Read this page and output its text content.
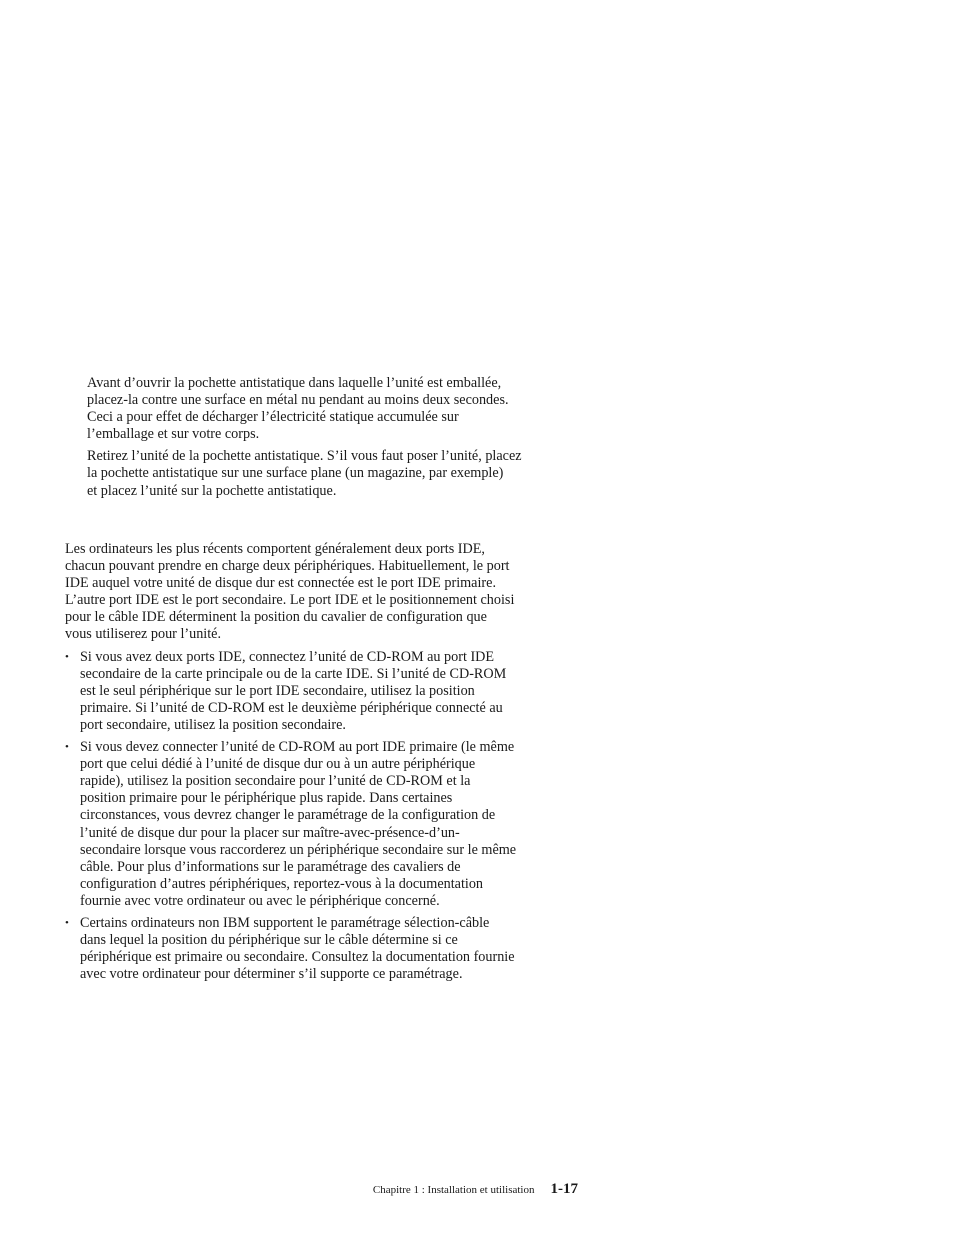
Avant d’ouvrir la pochette antistatique dans laquelle l’unité est emballée,
placez-la contre une surface en métal nu pendant au moins deux secondes.
Ceci a pour effet de décharger l’électricité statique accumulée sur
l’emballage et sur votre corps.

Retirez l’unité de la pochette antistatique. S’il vous faut poser l’unité, placez
la pochette antistatique sur une surface plane (un magazine, par exemple)
et placez l’unité sur la pochette antistatique.

Les ordinateurs les plus récents comportent généralement deux ports IDE,
chacun pouvant prendre en charge deux périphériques. Habituellement, le port
IDE auquel votre unité de disque dur est connectée est le port IDE primaire.
L’autre port IDE est le port secondaire. Le port IDE et le positionnement choisi
pour le câble IDE déterminent la position du cavalier de configuration que
vous utiliserez pour l’unité.

• Si vous avez deux ports IDE, connectez l’unité de CD-ROM au port IDE
secondaire de la carte principale ou de la carte IDE. Si l’unité de CD-ROM
est le seul périphérique sur le port IDE secondaire, utilisez la position
primaire. Si l’unité de CD-ROM est le deuxième périphérique connecté au
port secondaire, utilisez la position secondaire.
• Si vous devez connecter l’unité de CD-ROM au port IDE primaire (le même
port que celui dédié à l’unité de disque dur ou à un autre périphérique
rapide), utilisez la position secondaire pour l’unité de CD-ROM et la
position primaire pour le périphérique plus rapide. Dans certaines
circonstances, vous devrez changer le paramétrage de la configuration de
l’unité de disque dur pour la placer sur maître-avec-présence-d’un-
secondaire lorsque vous raccorderez un périphérique secondaire sur le même
câble. Pour plus d’informations sur le paramétrage des cavaliers de
configuration d’autres périphériques, reportez-vous à la documentation
fournie avec votre ordinateur ou avec le périphérique concerné.
• Certains ordinateurs non IBM supportent le paramétrage sélection-câble
dans lequel la position du périphérique sur le câble détermine si ce
périphérique est primaire ou secondaire. Consultez la documentation fournie
avec votre ordinateur pour déterminer s’il supporte ce paramétrage.
Chapitre 1 : Installation et utilisation 1-17
